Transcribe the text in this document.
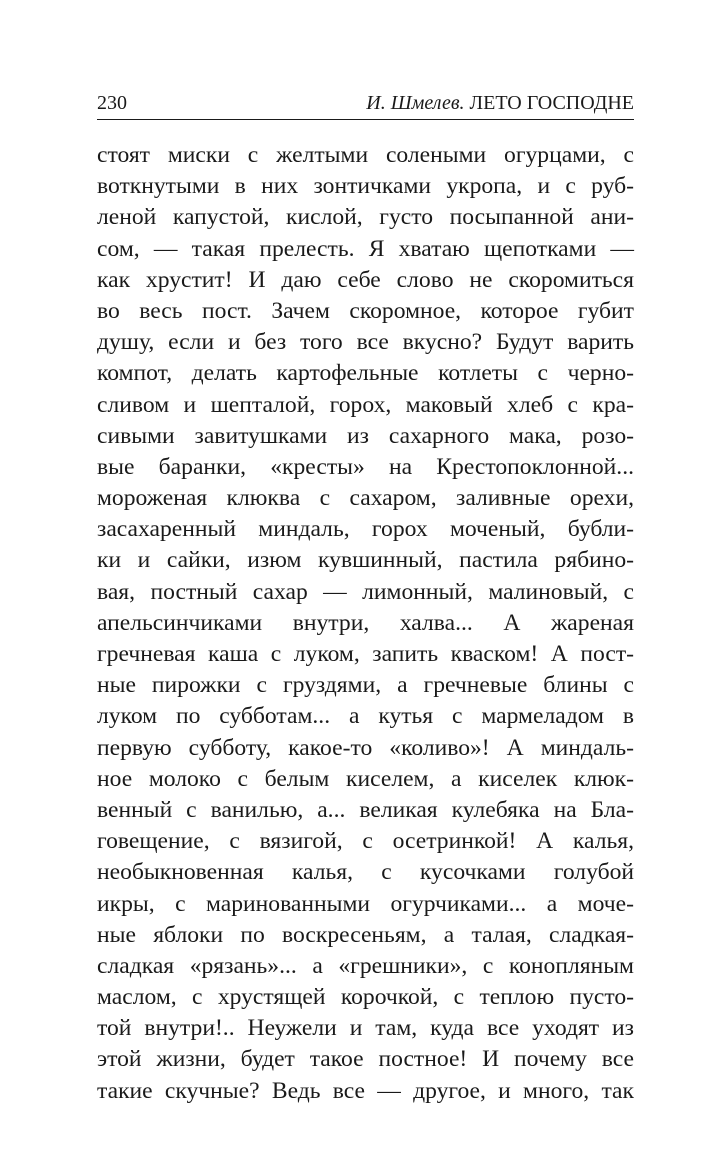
230	И. Шмелев. ЛЕТО ГОСПОДНЕ
стоят миски с желтыми солеными огурцами, с
воткнутыми в них зонтичками укропа, и с руб-
леной капустой, кислой, густо посыпанной ани-
сом, — такая прелесть. Я хватаю щепотками —
как хрустит! И даю себе слово не скоромиться
во весь пост. Зачем скоромное, которое губит
душу, если и без того все вкусно? Будут варить
компот, делать картофельные котлеты с черно-
сливом и шепталой, горох, маковый хлеб с кра-
сивыми завитушками из сахарного мака, розо-
вые баранки, «кресты» на Крестопоклонной...
мороженая клюква с сахаром, заливные орехи,
засахаренный миндаль, горох моченый, бубли-
ки и сайки, изюм кувшинный, пастила рябино-
вая, постный сахар — лимонный, малиновый, с
апельсинчиками внутри, халва... А жареная
гречневая каша с луком, запить кваском! А пост-
ные пирожки с груздями, а гречневые блины с
луком по субботам... а кутья с мармеладом в
первую субботу, какое-то «коливо»! А миндаль-
ное молоко с белым киселем, а киселек клюк-
венный с ванилью, а... великая кулебяка на Бла-
говещение, с вязигой, с осетринкой! А калья,
необыкновенная калья, с кусочками голубой
икры, с маринованными огурчиками... а моче-
ные яблоки по воскресеньям, а талая, сладкая-
сладкая «рязань»... а «грешники», с конопляным
маслом, с хрустящей корочкой, с теплою пусто-
той внутри!.. Неужели и там, куда все уходят из
этой жизни, будет такое постное! И почему все
такие скучные? Ведь все — другое, и много, так
